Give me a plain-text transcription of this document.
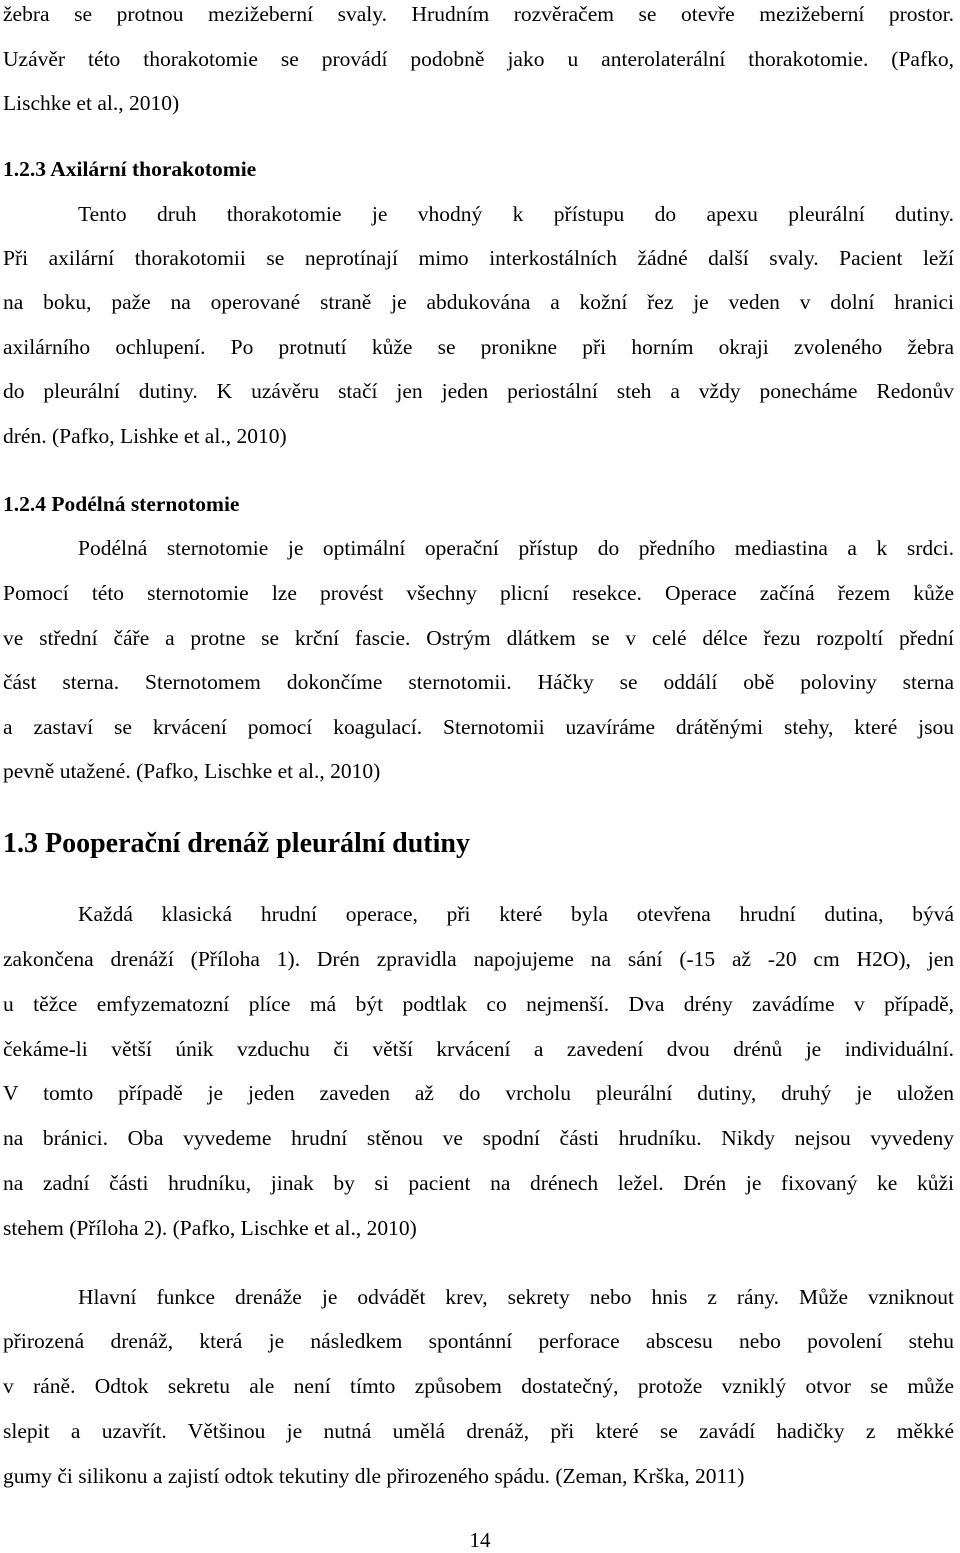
žebra se protnou mezižeberní svaly. Hrudním rozvěračem se otevře mezižeberní prostor.
Uzávěr této thorakotomie se provádí podobně jako u anterolaterální thorakotomie. (Pafko,
Lischke et al., 2010)
1.2.3 Axilární thorakotomie
Tento druh thorakotomie je vhodný k přístupu do apexu pleurální dutiny.
Při axilární thorakotomii se neprotínají mimo interkostálních žádné další svaly. Pacient leží
na boku, paže na operované straně je abdukována a kožní řez je veden v dolní hranici
axilárního ochlupení. Po protnutí kůže se pronikne při horním okraji zvoleného žebra
do pleurální dutiny. K uzávěru stačí jen jeden periostální steh a vždy ponecháme Redonův
drén. (Pafko, Lishke et al., 2010)
1.2.4 Podélná sternotomie
Podélná sternotomie je optimální operační přístup do předního mediastina a k srdci.
Pomocí této sternotomie lze provést všechny plicní resekce. Operace začíná řezem kůže
ve střední čáře a protne se krční fascie. Ostrým dlátkem se v celé délce řezu rozpoltí přední
část sterna. Sternotomem dokončíme sternotomii. Háčky se oddálí obě poloviny sterna
a zastaví se krvácení pomocí koagulací. Sternotomii uzavíráme drátěnými stehy, které jsou
pevně utažené. (Pafko, Lischke et al., 2010)
1.3 Pooperační drenáž pleurální dutiny
Každá klasická hrudní operace, při které byla otevřena hrudní dutina, bývá
zakončena drenáží (Příloha 1). Drén zpravidla napojujeme na sání (-15 až -20 cm H2O), jen
u těžce emfyzematozní plíce má být podtlak co nejmenší. Dva drény zavádíme v případě,
čekáme-li větší únik vzduchu či větší krvácení a zavedení dvou drénů je individuální.
V tomto případě je jeden zaveden až do vrcholu pleurální dutiny, druhý je uložen
na bránici. Oba vyvedeme hrudní stěnou ve spodní části hrudníku. Nikdy nejsou vyvedeny
na zadní části hrudníku, jinak by si pacient na drénech ležel. Drén je fixovaný ke kůži
stehem (Příloha 2). (Pafko, Lischke et al., 2010)
Hlavní funkce drenáže je odvádět krev, sekrety nebo hnis z rány. Může vzniknout
přirozená drenáž, která je následkem spontánní perforace abscesu nebo povolení stehu
v ráně. Odtok sekretu ale není tímto způsobem dostatečný, protože vzniklý otvor se může
slepit a uzavřít. Většinou je nutná umělá drenáž, při které se zavádí hadičky z měkké
gumy či silikonu a zajistí odtok tekutiny dle přirozeného spádu. (Zeman, Krška, 2011)
14
